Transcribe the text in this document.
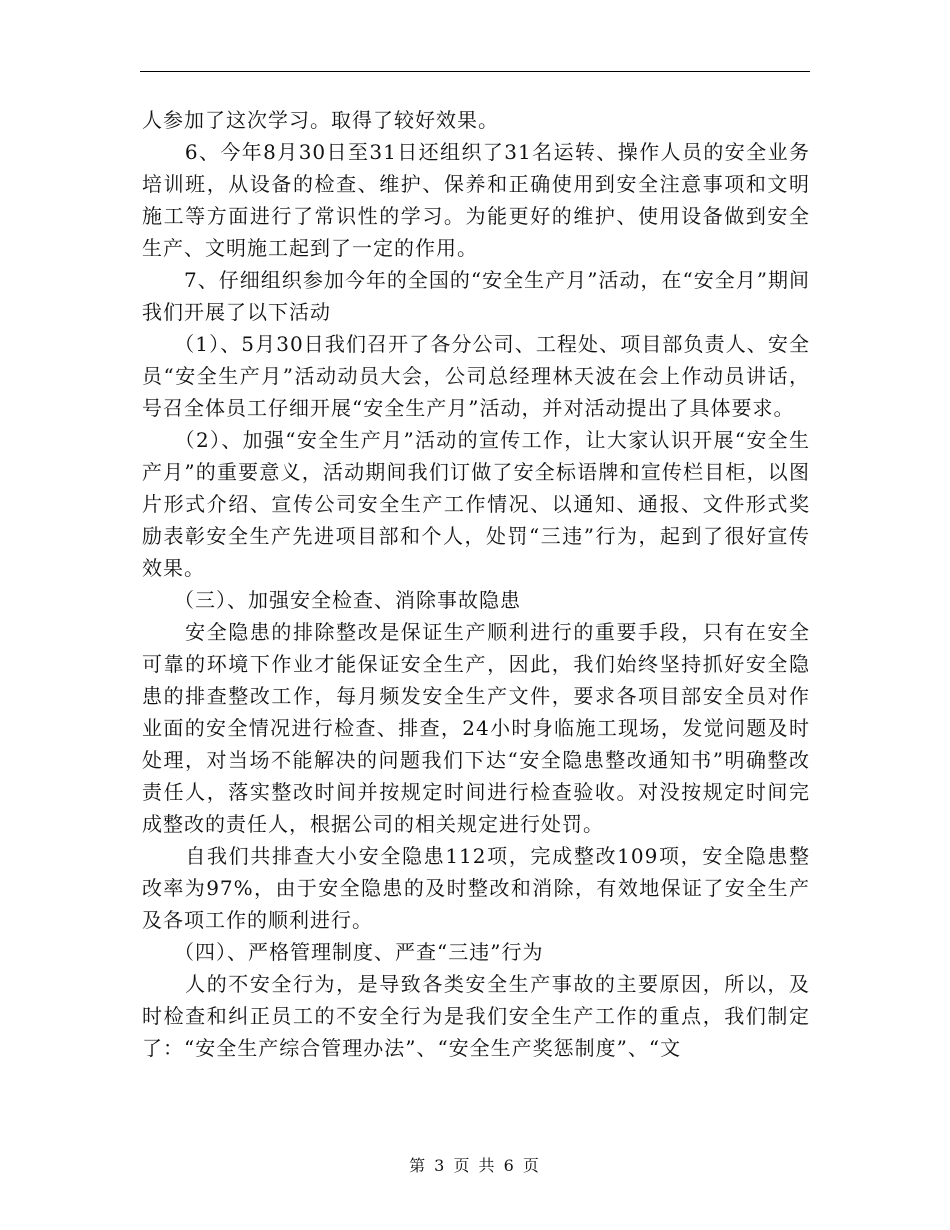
人参加了这次学习。取得了较好效果。

　　6、今年8月30日至31日还组织了31名运转、操作人员的安全业务培训班，从设备的检查、维护、保养和正确使用到安全注意事项和文明施工等方面进行了常识性的学习。为能更好的维护、使用设备做到安全生产、文明施工起到了一定的作用。

　　7、仔细组织参加今年的全国的“安全生产月”活动，在“安全月”期间我们开展了以下活动

　　（1）、5月30日我们召开了各分公司、工程处、项目部负责人、安全员“安全生产月”活动动员大会，公司总经理林天波在会上作动员讲话，号召全体员工仔细开展“安全生产月”活动，并对活动提出了具体要求。

　　（2）、加强“安全生产月”活动的宣传工作，让大家认识开展“安全生产月”的重要意义，活动期间我们订做了安全标语牌和宣传栏目柜，以图片形式介绍、宣传公司安全生产工作情况、以通知、通报、文件形式奖励表彰安全生产先进项目部和个人，处罚“三违”行为，起到了很好宣传效果。

　　（三）、加强安全检查、消除事故隐患

　　安全隐患的排除整改是保证生产顺利进行的重要手段，只有在安全可靠的环境下作业才能保证安全生产，因此，我们始终坚持抓好安全隐患的排查整改工作，每月频发安全生产文件，要求各项目部安全员对作业面的安全情况进行检查、排查，24小时身临施工现场，发觉问题及时处理，对当场不能解决的问题我们下达“安全隐患整改通知书”明确整改责任人，落实整改时间并按规定时间进行检查验收。对没按规定时间完成整改的责任人，根据公司的相关规定进行处罚。

　　自我们共排查大小安全隐患112项，完成整改109项，安全隐患整改率为97%，由于安全隐患的及时整改和消除，有效地保证了安全生产及各项工作的顺利进行。

　　（四）、严格管理制度、严查“三违”行为

　　人的不安全行为，是导致各类安全生产事故的主要原因，所以，及时检查和纠正员工的不安全行为是我们安全生产工作的重点，我们制定了：“安全生产综合管理办法”、“安全生产奖惩制度”、“文

第 3 页 共 6 页
